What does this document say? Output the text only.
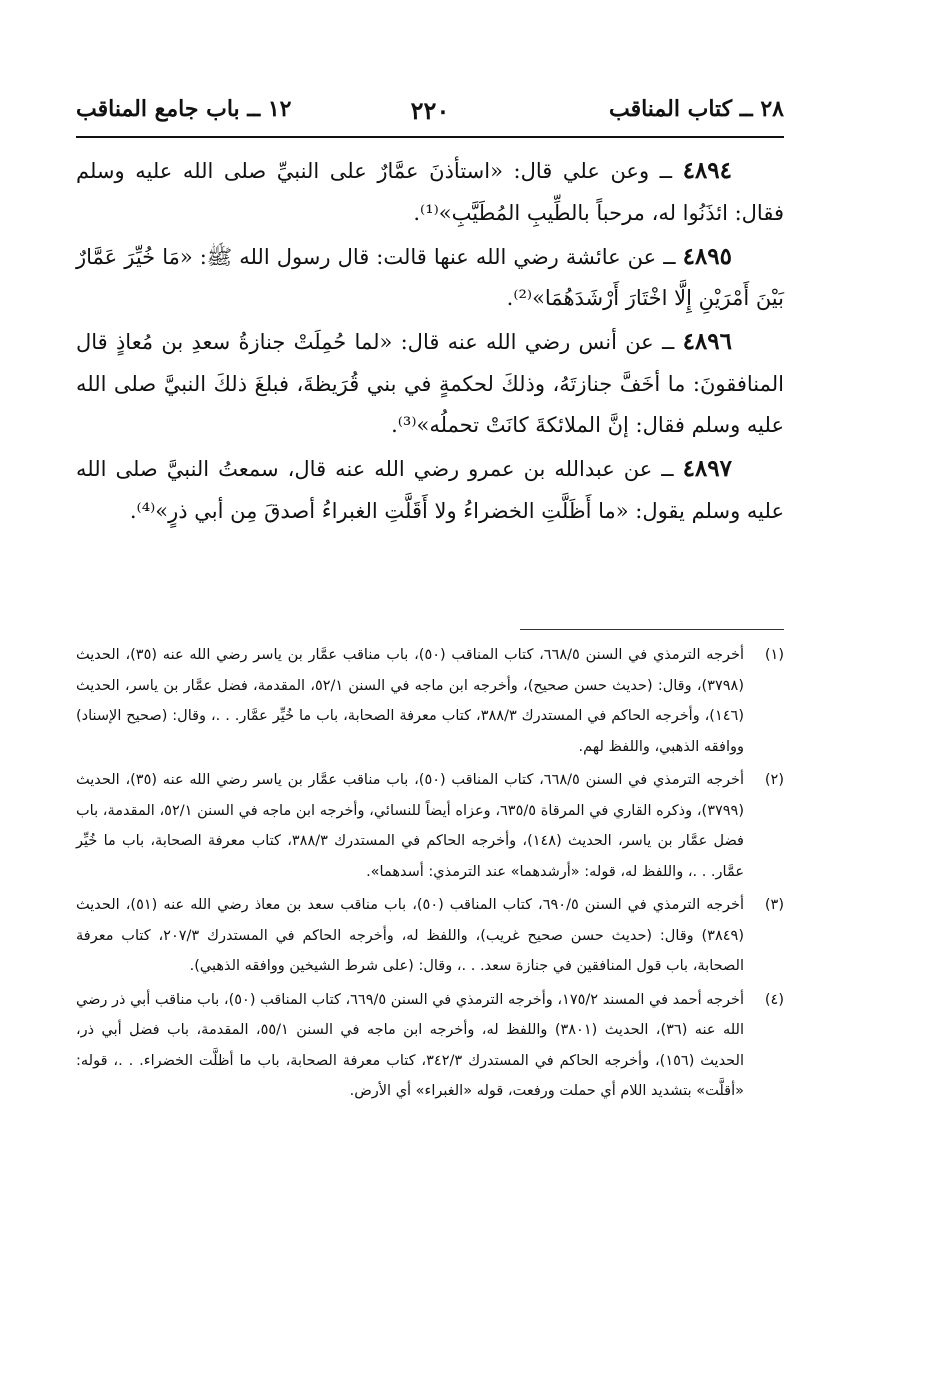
٢٨ ــ كتاب المناقب
٢٢٠
١٢ ــ باب جامع المناقب

٤٨٩٤ ــ وعن علي قال: «استأذنَ عمَّارٌ على النبيِّ صلى الله عليه وسلم فقال: ائذَنُوا له، مرحباً بالطِّيبِ المُطَيَّبِ»⁽¹⁾.

٤٨٩٥ ــ عن عائشة رضي الله عنها قالت: قال رسول الله ﷺ: «مَا خُيِّرَ عَمَّارٌ بَيْنَ أَمْرَيْنِ إِلَّا اخْتَارَ أَرْشَدَهُمَا»⁽²⁾.

٤٨٩٦ ــ عن أنس رضي الله عنه قال: «لما حُمِلَتْ جنازةُ سعدِ بن مُعاذٍ قال المنافقونَ: ما أخَفَّ جنازتَهُ، وذلكَ لحكمةٍ في بني قُرَيظةَ، فبلغَ ذلكَ النبيَّ صلى الله عليه وسلم فقال: إنَّ الملائكةَ كانَتْ تحملُه»⁽³⁾.

٤٨٩٧ ــ عن عبدالله بن عمرو رضي الله عنه قال، سمعتُ النبيَّ صلى الله عليه وسلم يقول: «ما أَظَلَّتِ الخضراءُ ولا أَقَلَّتِ الغبراءُ أصدقَ مِن أبي ذرٍ»⁽⁴⁾.

(١)
أخرجه الترمذي في السنن ٦٦٨/٥، كتاب المناقب (٥٠)، باب مناقب عمَّار بن ياسر رضي الله عنه (٣٥)، الحديث (٣٧٩٨)، وقال: (حديث حسن صحيح)، وأخرجه ابن ماجه في السنن ٥٢/١، المقدمة، فضل عمَّار بن ياسر، الحديث (١٤٦)، وأخرجه الحاكم في المستدرك ٣٨٨/٣، كتاب معرفة الصحابة، باب ما خُيِّر عمَّار. . .، وقال: (صحيح الإسناد) ووافقه الذهبي، واللفظ لهم.

(٢)
أخرجه الترمذي في السنن ٦٦٨/٥، كتاب المناقب (٥٠)، باب مناقب عمَّار بن ياسر رضي الله عنه (٣٥)، الحديث (٣٧٩٩)، وذكره القاري في المرقاة ٦٣٥/٥، وعزاه أيضاً للنسائي، وأخرجه ابن ماجه في السنن ٥٢/١، المقدمة، باب فضل عمَّار بن ياسر، الحديث (١٤٨)، وأخرجه الحاكم في المستدرك ٣٨٨/٣، كتاب معرفة الصحابة، باب ما خُيِّر عمَّار. . .، واللفظ له، قوله: «أرشدهما» عند الترمذي: أسدهما».

(٣)
أخرجه الترمذي في السنن ٦٩٠/٥، كتاب المناقب (٥٠)، باب مناقب سعد بن معاذ رضي الله عنه (٥١)، الحديث (٣٨٤٩) وقال: (حديث حسن صحيح غريب)، واللفظ له، وأخرجه الحاكم في المستدرك ٢٠٧/٣، كتاب معرفة الصحابة، باب قول المنافقين في جنازة سعد. . .، وقال: (على شرط الشيخين ووافقه الذهبي).

(٤)
أخرجه أحمد في المسند ١٧٥/٢، وأخرجه الترمذي في السنن ٦٦٩/٥، كتاب المناقب (٥٠)، باب مناقب أبي ذر رضي الله عنه (٣٦)، الحديث (٣٨٠١) واللفظ له، وأخرجه ابن ماجه في السنن ٥٥/١، المقدمة، باب فضل أبي ذر، الحديث (١٥٦)، وأخرجه الحاكم في المستدرك ٣٤٢/٣، كتاب معرفة الصحابة، باب ما أظلَّت الخضراء. . .، قوله: «أقلَّت» بتشديد اللام أي حملت ورفعت، قوله «الغبراء» أي الأرض.
